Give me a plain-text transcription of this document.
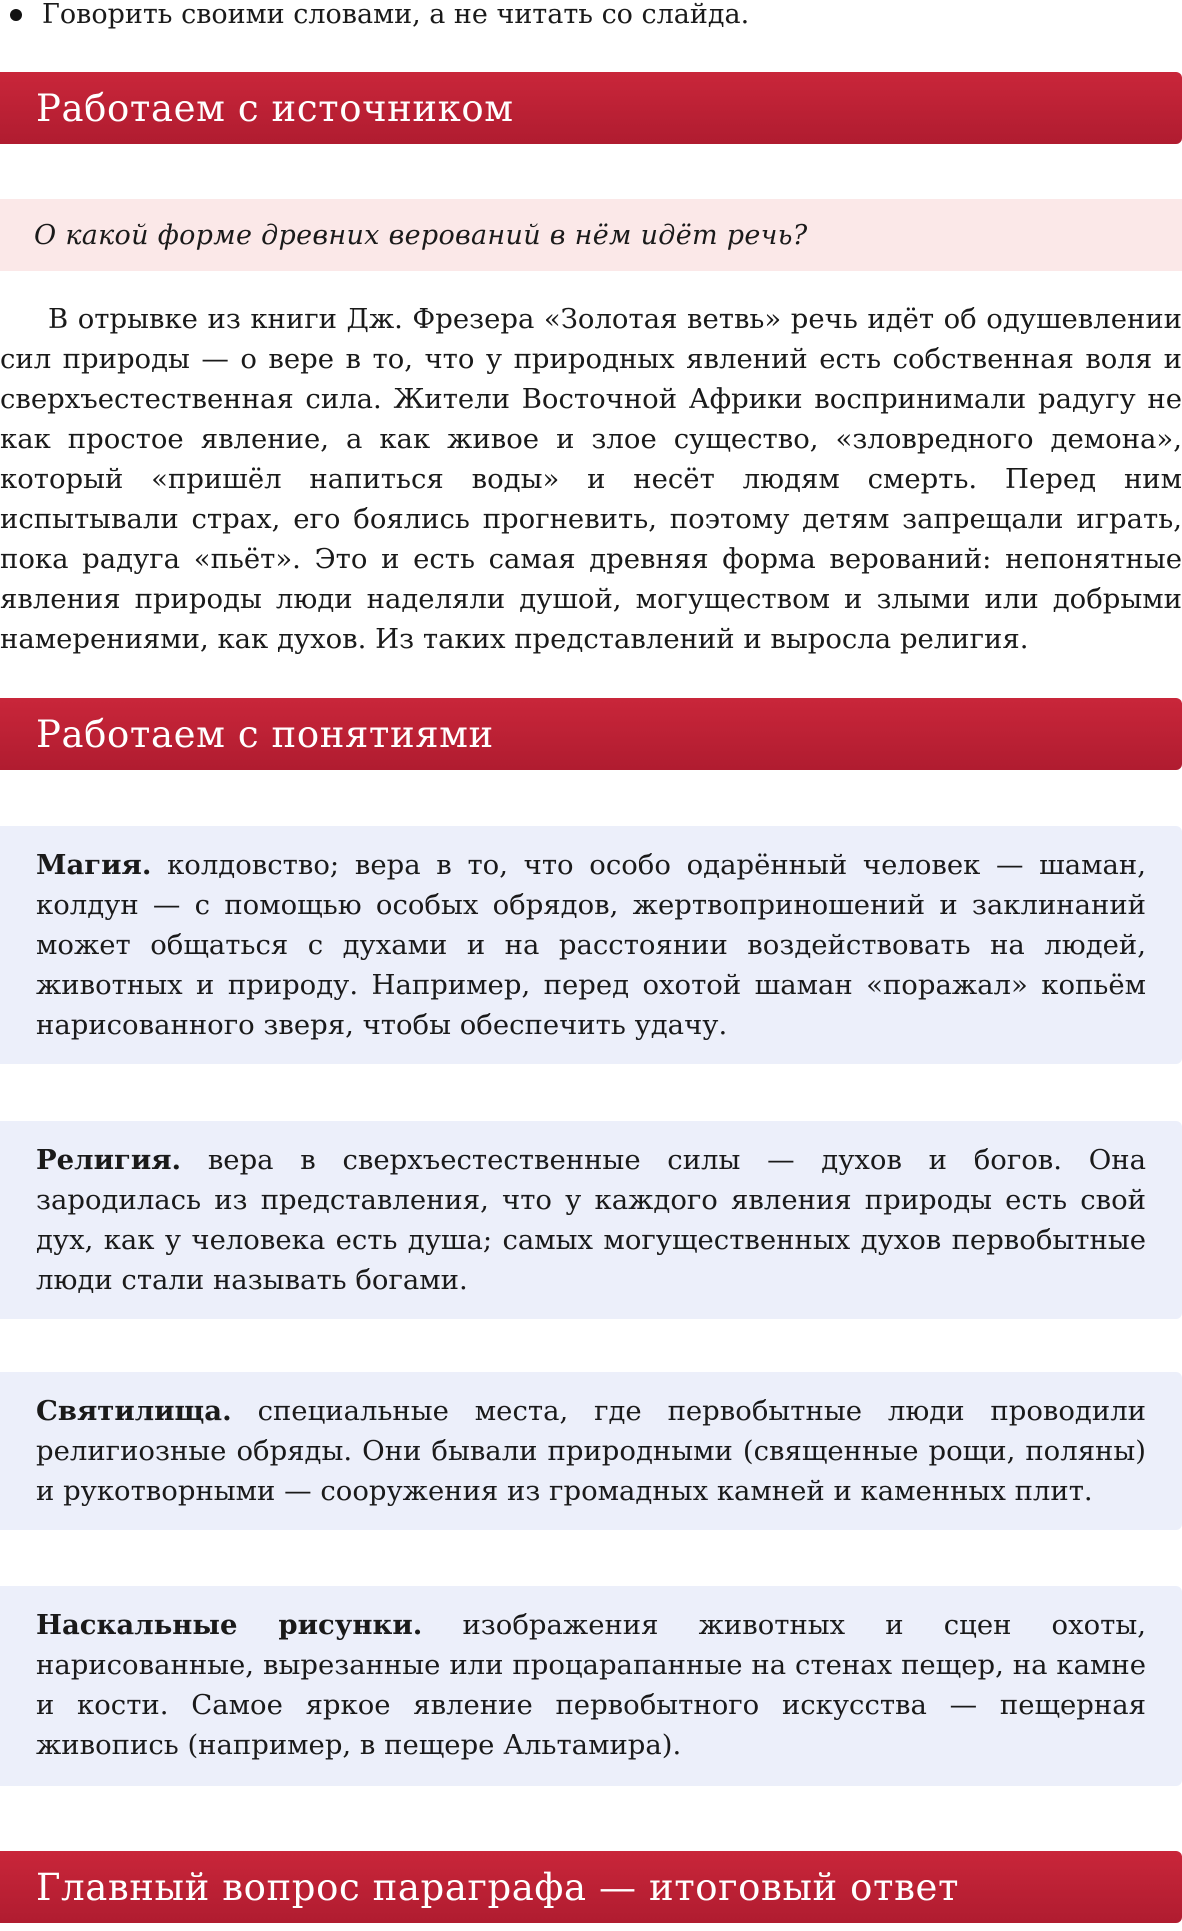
Говорить своими словами, а не читать со слайда.
Работаем с источником
О какой форме древних верований в нём идёт речь?

В отрывке из книги Дж. Фрезера «Золотая ветвь» речь идёт об одушевлении сил природы — о вере в то, что у природных явлений есть собственная воля и сверхъестественная сила. Жители Восточной Африки воспринимали радугу не как простое явление, а как живое и злое существо, «зловредного демона», который «пришёл напиться воды» и несёт людям смерть. Перед ним испытывали страх, его боялись прогневить, поэтому детям запрещали играть, пока радуга «пьёт». Это и есть самая древняя форма верований: непонятные явления природы люди наделяли душой, могуществом и злыми или добрыми намерениями, как духов. Из таких представлений и выросла религия.

Работаем с понятиями

Магия. колдовство; вера в то, что особо одарённый человек — шаман, колдун — с помощью особых обрядов, жертвоприношений и заклинаний может общаться с духами и на расстоянии воздействовать на людей, животных и природу. Например, перед охотой шаман «поражал» копьём нарисованного зверя, чтобы обеспечить удачу.

Религия. вера в сверхъестественные силы — духов и богов. Она зародилась из представления, что у каждого явления природы есть свой дух, как у человека есть душа; самых могущественных духов первобытные люди стали называть богами.

Святилища. специальные места, где первобытные люди проводили религиозные обряды. Они бывали природными (священные рощи, поляны) и рукотворными — сооружения из громадных камней и каменных плит.

Наскальные рисунки. изображения животных и сцен охоты, нарисованные, вырезанные или процарапанные на стенах пещер, на камне и кости. Самое яркое явление первобытного искусства — пещерная живопись (например, в пещере Альтамира).

Главный вопрос параграфа — итоговый ответ
